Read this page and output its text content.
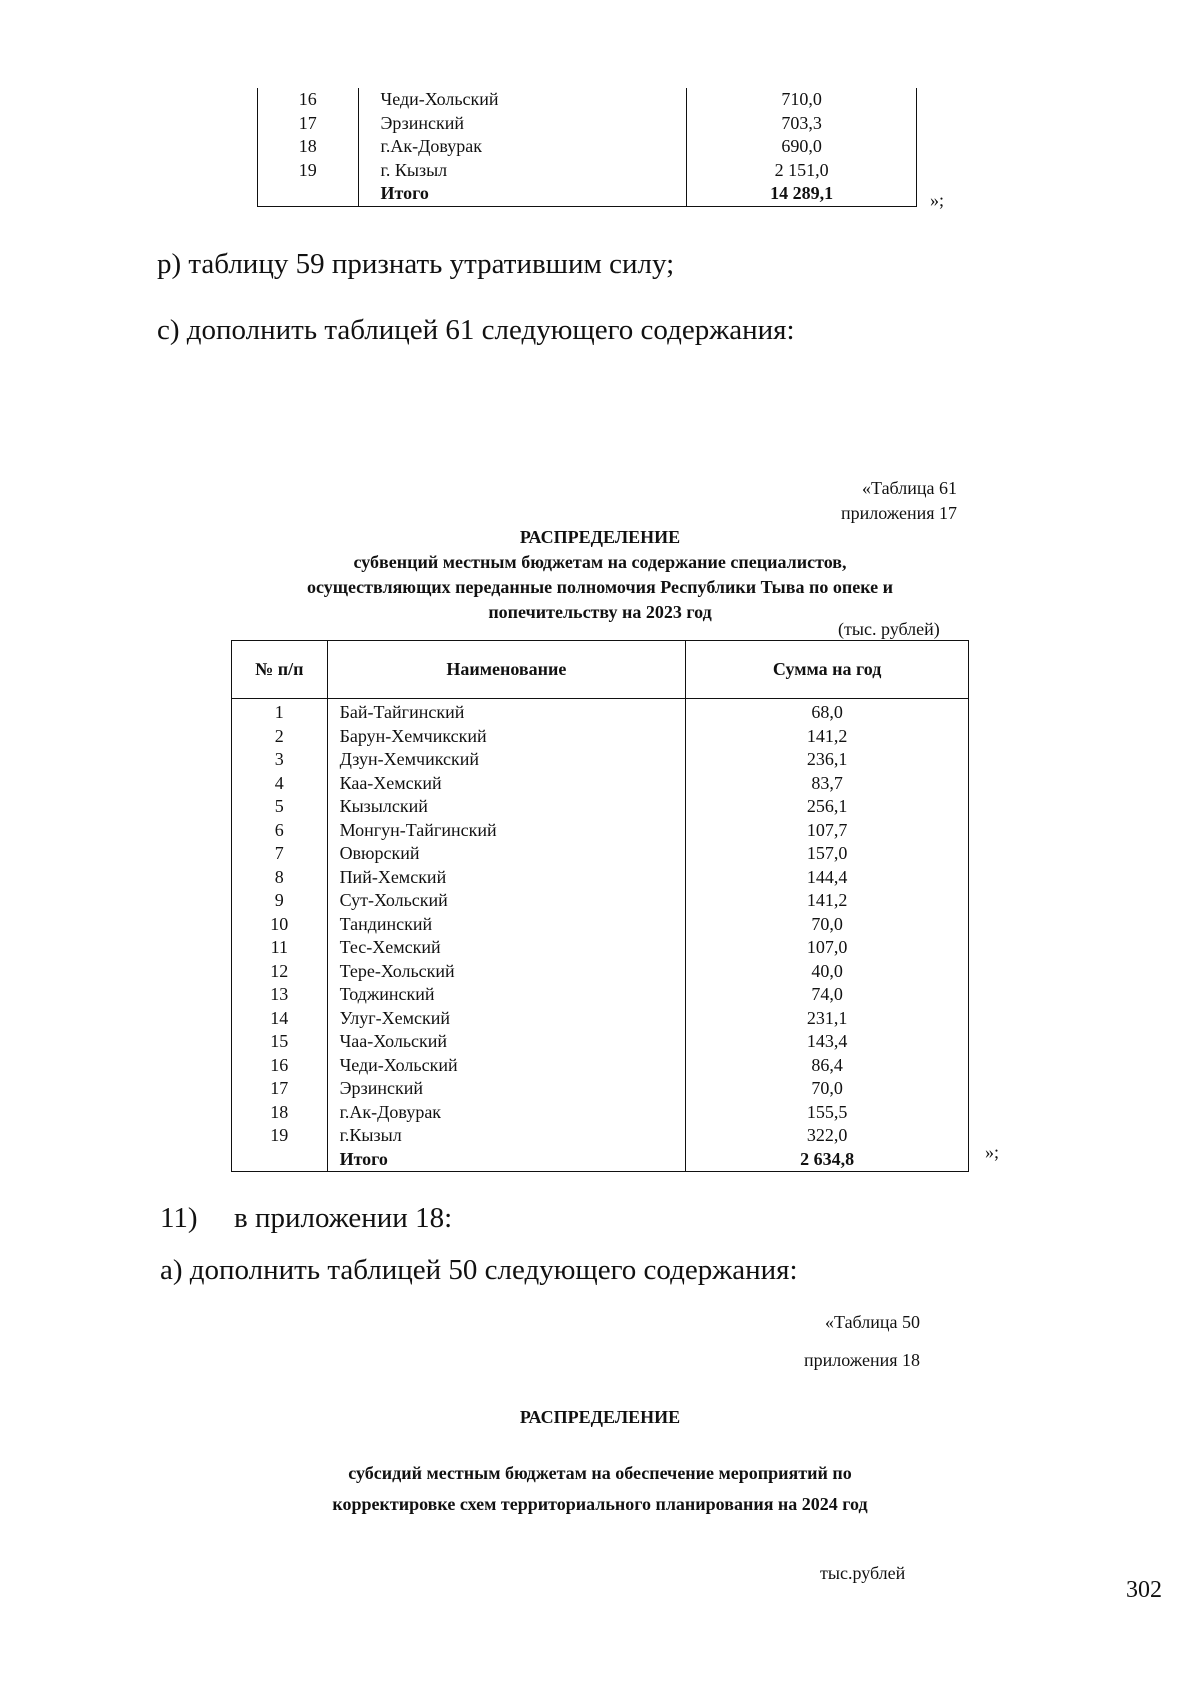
16	Чеди-Хольский	710,0
17	Эрзинский	703,3
18	г.Ак-Довурак	690,0
19	г. Кызыл	2 151,0
	Итого	14 289,1	»;
р) таблицу 59 признать утратившим силу;
с) дополнить таблицей 61 следующего содержания:
«Таблица 61
приложения 17
РАСПРЕДЕЛЕНИЕ
субвенций местным бюджетам на содержание специалистов,
осуществляющих переданные полномочия Республики Тыва по опеке и
попечительству на 2023 год
(тыс. рублей)
№ п/п	Наименование	Сумма на год
1	Бай-Тайгинский	68,0
2	Барун-Хемчикский	141,2
3	Дзун-Хемчикский	236,1
4	Каа-Хемский	83,7
5	Кызылский	256,1
6	Монгун-Тайгинский	107,7
7	Овюрский	157,0
8	Пий-Хемский	144,4
9	Сут-Хольский	141,2
10	Тандинский	70,0
11	Тес-Хемский	107,0
12	Тере-Хольский	40,0
13	Тоджинский	74,0
14	Улуг-Хемский	231,1
15	Чаа-Хольский	143,4
16	Чеди-Хольский	86,4
17	Эрзинский	70,0
18	г.Ак-Довурак	155,5
19	г.Кызыл	322,0
	Итого	2 634,8	»;
11) в приложении 18:
а) дополнить таблицей 50 следующего содержания:
«Таблица 50
приложения 18
РАСПРЕДЕЛЕНИЕ
субсидий местным бюджетам на обеспечение мероприятий по
корректировке схем территориального планирования на 2024 год
тыс.рублей
302
